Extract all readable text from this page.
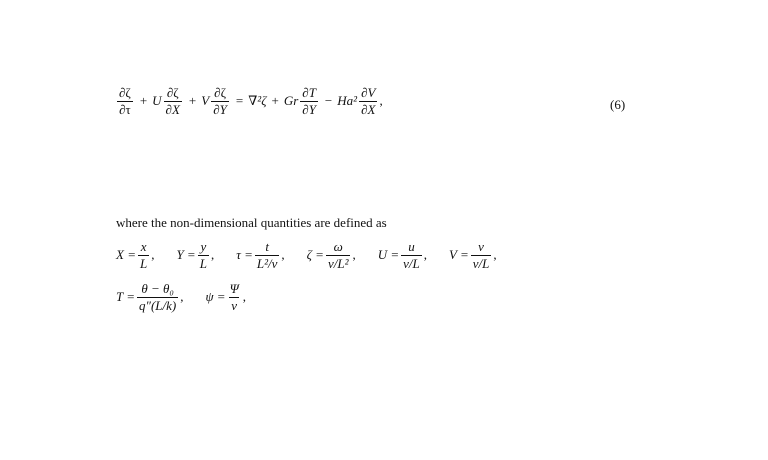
$\frac{\partial\zeta}{\partial\tau} + U \frac{\partial\zeta}{\partial X} + V \frac{\partial\zeta}{\partial Y} = \nabla^2\zeta + Gr \frac{\partial T}{\partial Y} - Ha^2 \frac{\partial V}{\partial X}$ ,	(6)
where the non-dimensional quantities are defined as
$X = \frac{x}{L}$ , $Y = \frac{y}{L}$ , $\tau = \frac{t}{\text{L²/ν}}$ , $\zeta = \frac{\omega}{\text{ν/L²}}$ , $U = \frac{u}{\nu/L}$ , $V = \frac{v}{\nu/L}$ ,
$T = \frac{\text{θ − θ₀}}{q''(L/k)}$ , $\psi = \frac{\Psi}{\nu}$ ,
